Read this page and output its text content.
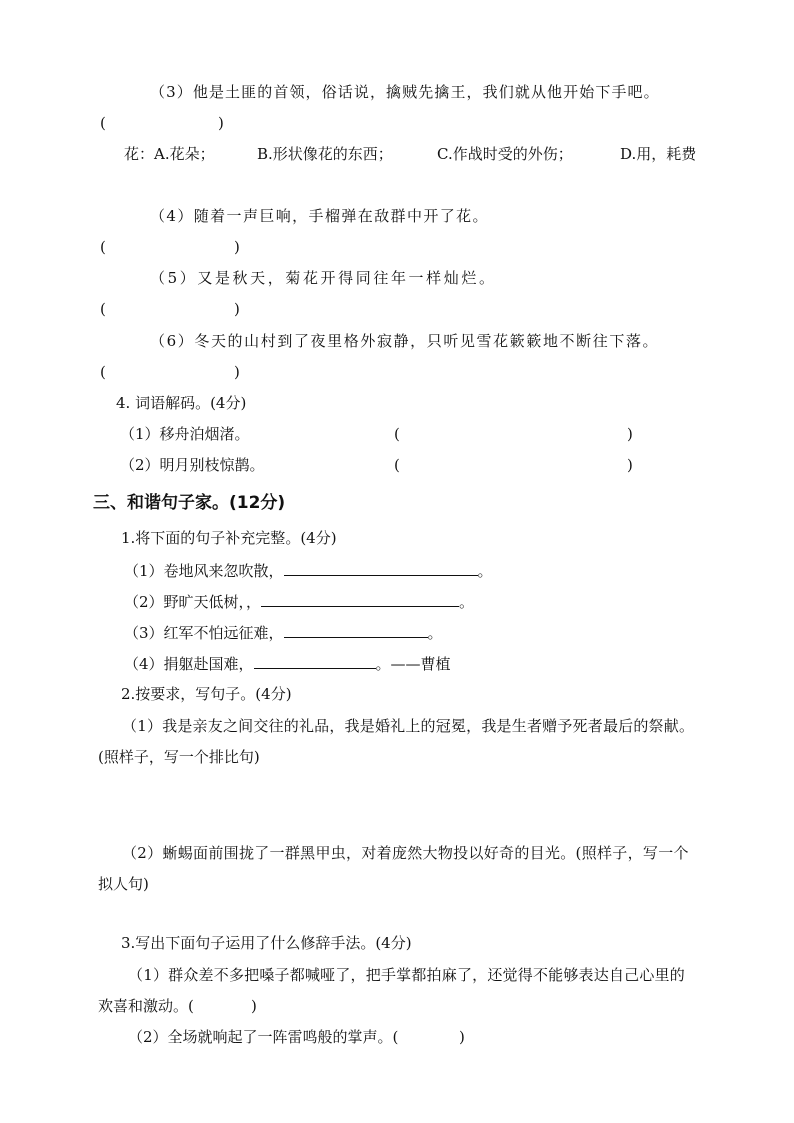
（3）他是土匪的首领，俗话说，擒贼先擒王，我们就从他开始下手吧。
(	)
花：A.花朵；	B.形状像花的东西；	C.作战时受的外伤；	D.用，耗费
（4）随着一声巨响，手榴弹在敌群中开了花。
(	)
（5）又是秋天，菊花开得同往年一样灿烂。
(	)
（6）冬天的山村到了夜里格外寂静，只听见雪花簌簌地不断往下落。
(	)
4. 词语解码。(4分)
（1）移舟泊烟渚。	(	)
（2）明月别枝惊鹊。	(	)
三、和谐句子家。(12分)
1.将下面的句子补充完整。(4分)
（1）卷地风来忽吹散，	。
（2）野旷天低树，，	。
（3）红军不怕远征难，	。
（4）捐躯赴国难，	。——曹植
2.按要求，写句子。(4分)
（1）我是亲友之间交往的礼品，我是婚礼上的冠冕，我是生者赠予死者最后的祭献。
(照样子，写一个排比句)
（2）蜥蜴面前围拢了一群黑甲虫，对着庞然大物投以好奇的目光。(照样子，写一个
拟人句)
3.写出下面句子运用了什么修辞手法。(4分)
（1）群众差不多把嗓子都喊哑了，把手掌都拍麻了，还觉得不能够表达自己心里的
欢喜和激动。(	)
（2）全场就响起了一阵雷鸣般的掌声。(	)
